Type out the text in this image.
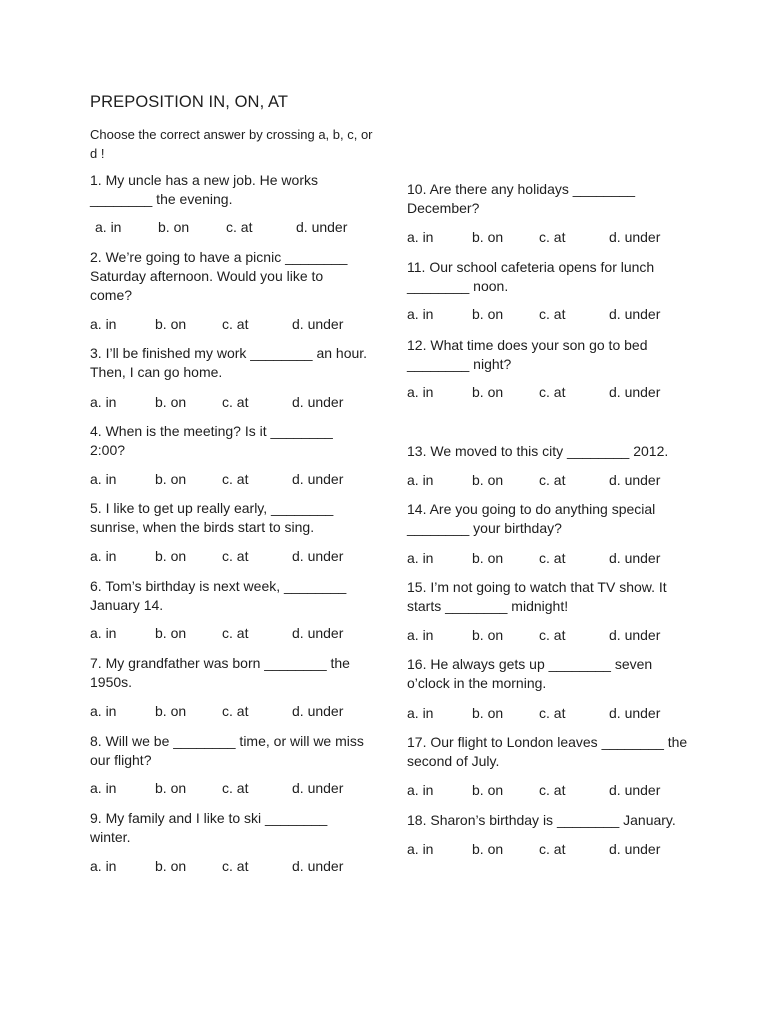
PREPOSITION IN, ON, AT
Choose the correct answer by crossing a, b, c, or d !
1. My uncle has a new job. He works ________ the evening.
a. in	b. on	c. at	d. under
2. We’re going to have a picnic ________ Saturday afternoon. Would you like to come?
a. in	b. on	c. at	d. under
3. I’ll be finished my work ________ an hour. Then, I can go home.
a. in	b. on	c. at	d. under
4. When is the meeting? Is it ________ 2:00?
a. in	b. on	c. at	d. under
5. I like to get up really early, ________ sunrise, when the birds start to sing.
a. in	b. on	c. at	d. under
6. Tom’s birthday is next week, ________ January 14.
a. in	b. on	c. at	d. under
7. My grandfather was born ________ the 1950s.
a. in	b. on	c. at	d. under
8. Will we be ________ time, or will we miss our flight?
a. in	b. on	c. at	d. under
9. My family and I like to ski ________ winter.
a. in	b. on	c. at	d. under
10. Are there any holidays ________ December?
a. in	b. on	c. at	d. under
11. Our school cafeteria opens for lunch ________ noon.
a. in	b. on	c. at	d. under
12. What time does your son go to bed ________ night?
a. in	b. on	c. at	d. under
13. We moved to this city ________ 2012.
a. in	b. on	c. at	d. under
14. Are you going to do anything special ________ your birthday?
a. in	b. on	c. at	d. under
15. I’m not going to watch that TV show. It starts ________ midnight!
a. in	b. on	c. at	d. under
16. He always gets up ________ seven o’clock in the morning.
a. in	b. on	c. at	d. under
17. Our flight to London leaves ________ the second of July.
a. in	b. on	c. at	d. under
18. Sharon’s birthday is ________ January.
a. in	b. on	c. at	d. under
